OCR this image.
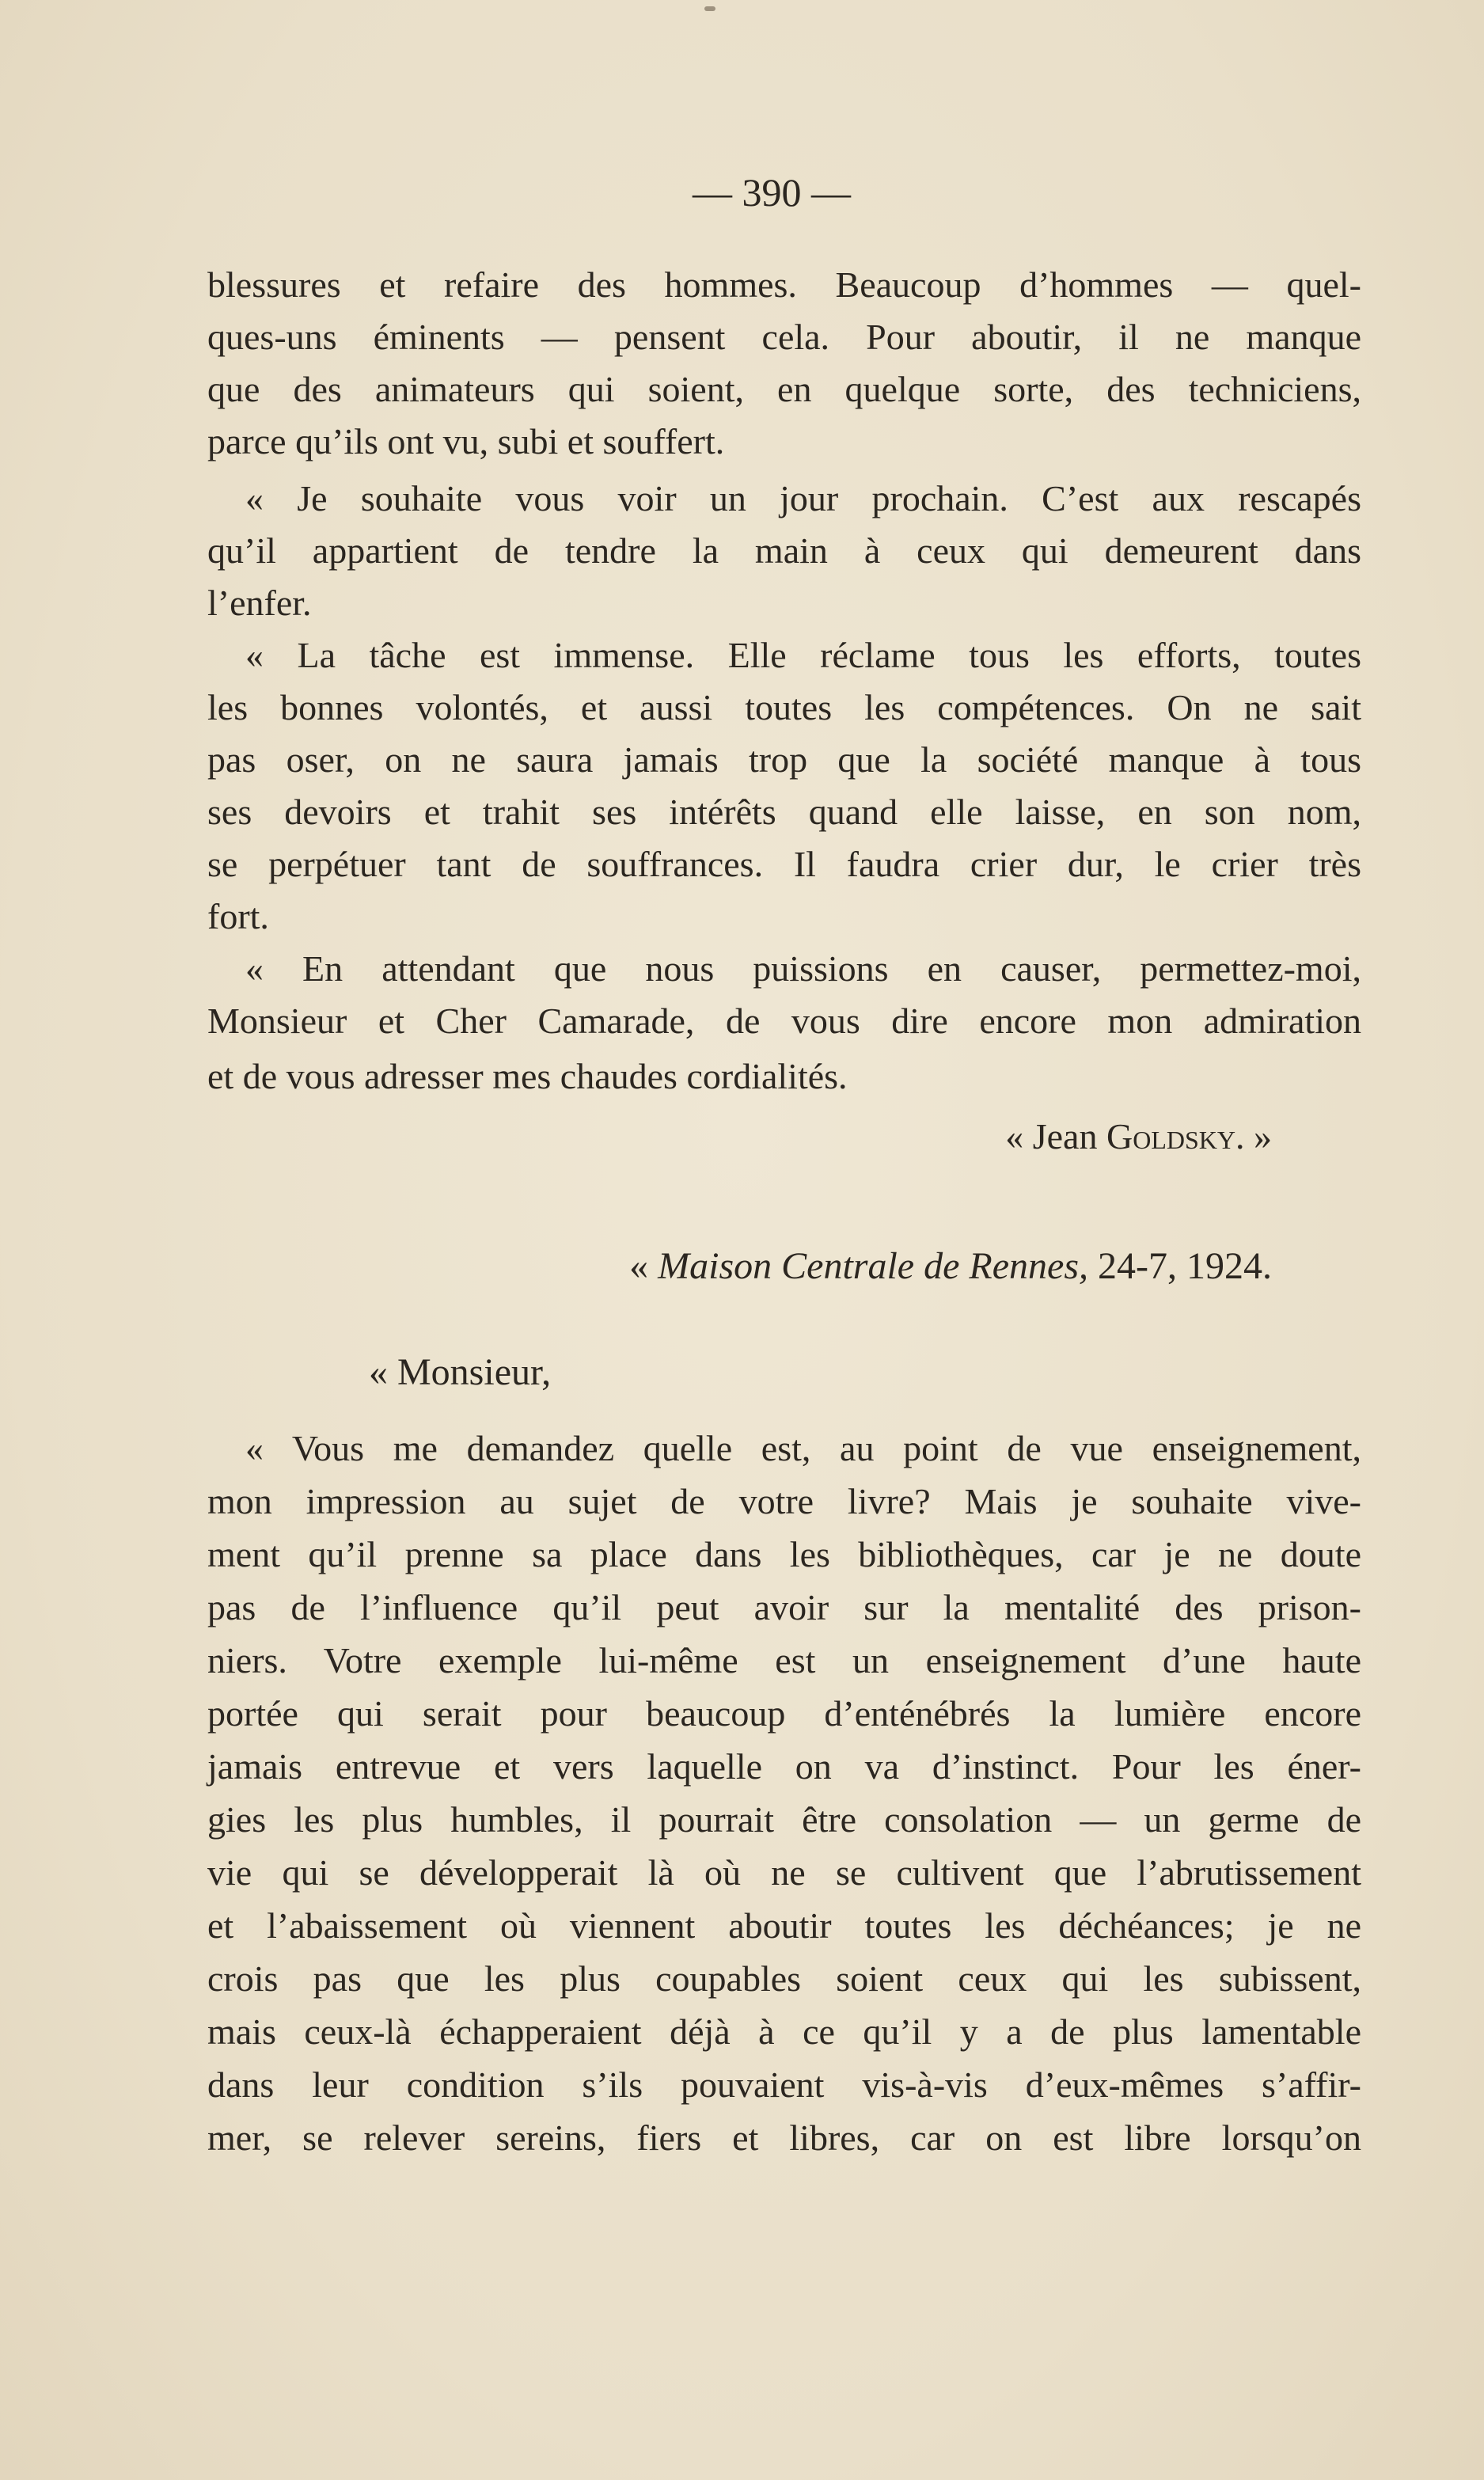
— 390 —
blessures et refaire des hommes. Beaucoup d’hommes — quel-
ques-uns éminents — pensent cela. Pour aboutir, il ne manque
que des animateurs qui soient, en quelque sorte, des techniciens,
parce qu’ils ont vu, subi et souffert.
« Je souhaite vous voir un jour prochain. C’est aux rescapés
qu’il appartient de tendre la main à ceux qui demeurent dans
l’enfer.
« La tâche est immense. Elle réclame tous les efforts, toutes
les bonnes volontés, et aussi toutes les compétences. On ne sait
pas oser, on ne saura jamais trop que la société manque à tous
ses devoirs et trahit ses intérêts quand elle laisse, en son nom,
se perpétuer tant de souffrances. Il faudra crier dur, le crier très
fort.
« En attendant que nous puissions en causer, permettez-moi,
Monsieur et Cher Camarade, de vous dire encore mon admiration
et de vous adresser mes chaudes cordialités.
« Vous me demandez quelle est, au point de vue enseignement,
mon impression au sujet de votre livre? Mais je souhaite vive-
ment qu’il prenne sa place dans les bibliothèques, car je ne doute
pas de l’influence qu’il peut avoir sur la mentalité des prison-
niers. Votre exemple lui-même est un enseignement d’une haute
portée qui serait pour beaucoup d’enténébrés la lumière encore
jamais entrevue et vers laquelle on va d’instinct. Pour les éner-
gies les plus humbles, il pourrait être consolation — un germe de
vie qui se développerait là où ne se cultivent que l’abrutissement
et l’abaissement où viennent aboutir toutes les déchéances; je ne
crois pas que les plus coupables soient ceux qui les subissent,
mais ceux-là échapperaient déjà à ce qu’il y a de plus lamentable
dans leur condition s’ils pouvaient vis-à-vis d’eux-mêmes s’affir-
mer, se relever sereins, fiers et libres, car on est libre lorsqu’on
« Jean Goldsky. »
« Maison Centrale de Rennes, 24-7, 1924.
« Monsieur,
